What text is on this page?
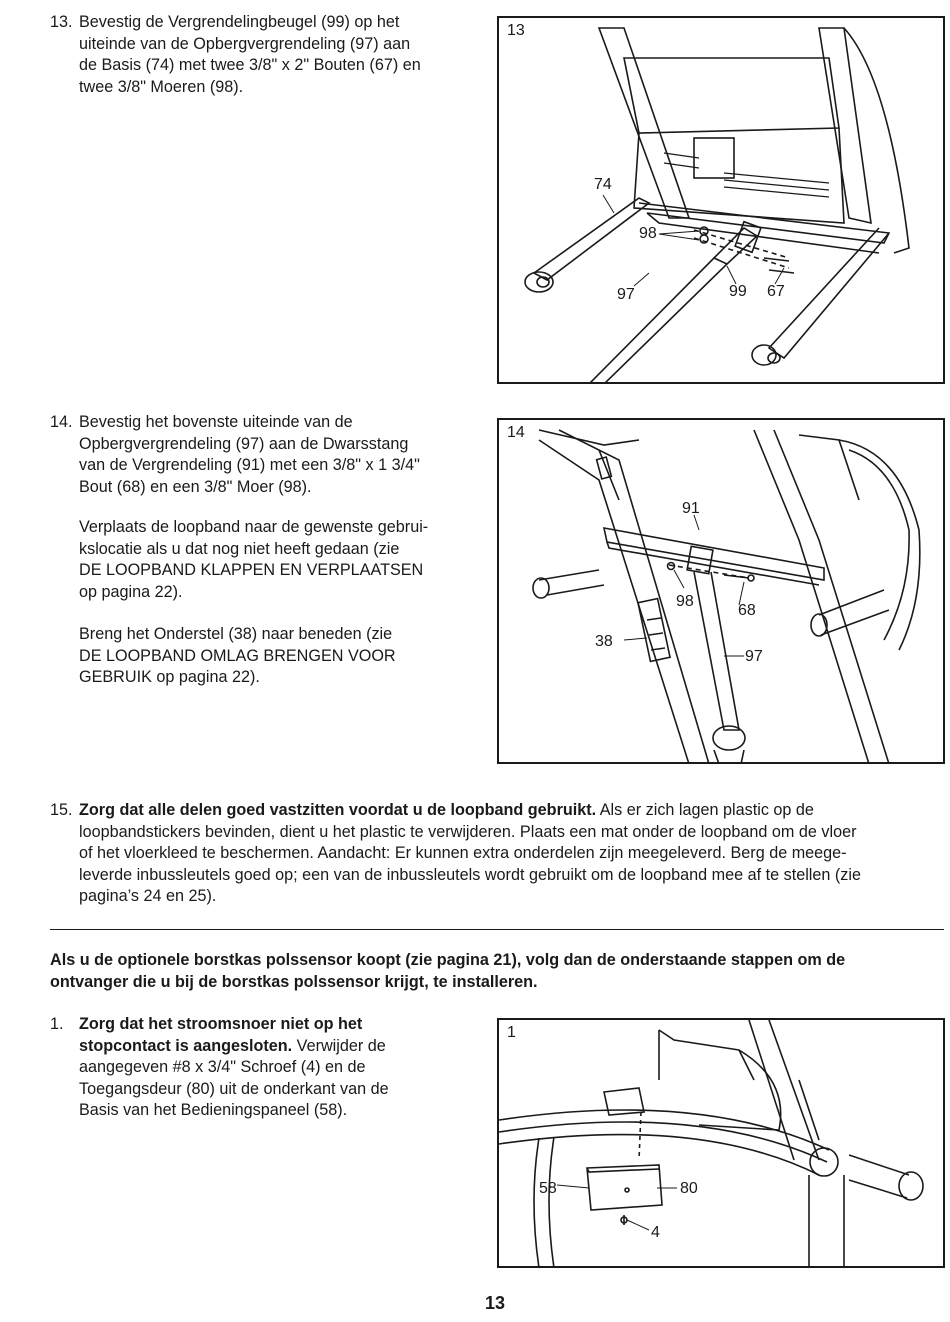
13. Bevestig de Vergrendelingbeugel (99) op het
uiteinde van de Opbergvergrendeling (97) aan
de Basis (74) met twee 3/8" x 2" Bouten (67) en
twee 3/8" Moeren (98).
13
74
98
97	99 67
14. Bevestig het bovenste uiteinde van de
Opbergvergrendeling (97) aan de Dwarsstang
van de Vergrendeling (91) met een 3/8" x 1 3/4"
Bout (68) en een 3/8" Moer (98).
Verplaats de loopband naar de gewenste gebrui-
kslocatie als u dat nog niet heeft gedaan (zie
DE LOOPBAND KLAPPEN EN VERPLAATSEN
op pagina 22).
Breng het Onderstel (38) naar beneden (zie
DE LOOPBAND OMLAG BRENGEN VOOR
GEBRUIK op pagina 22).
14
91
98
68
38
97
15. Zorg dat alle delen goed vastzitten voordat u de loopband gebruikt. Als er zich lagen plastic op de
loopbandstickers bevinden, dient u het plastic te verwijderen. Plaats een mat onder de loopband om de vloer
of het vloerkleed te beschermen. Aandacht: Er kunnen extra onderdelen zijn meegeleverd. Berg de meege-
leverde inbussleutels goed op; een van de inbussleutels wordt gebruikt om de loopband mee af te stellen (zie
pagina’s 24 en 25).
Als u de optionele borstkas polssensor koopt (zie pagina 21), volg dan de onderstaande stappen om de
ontvanger die u bij de borstkas polssensor krijgt, te installeren.
1. Zorg dat het stroomsnoer niet op het
stopcontact is aangesloten. Verwijder de
aangegeven #8 x 3/4" Schroef (4) en de
Toegangsdeur (80) uit de onderkant van de
Basis van het Bedieningspaneel (58).
1
58	80
4
13
